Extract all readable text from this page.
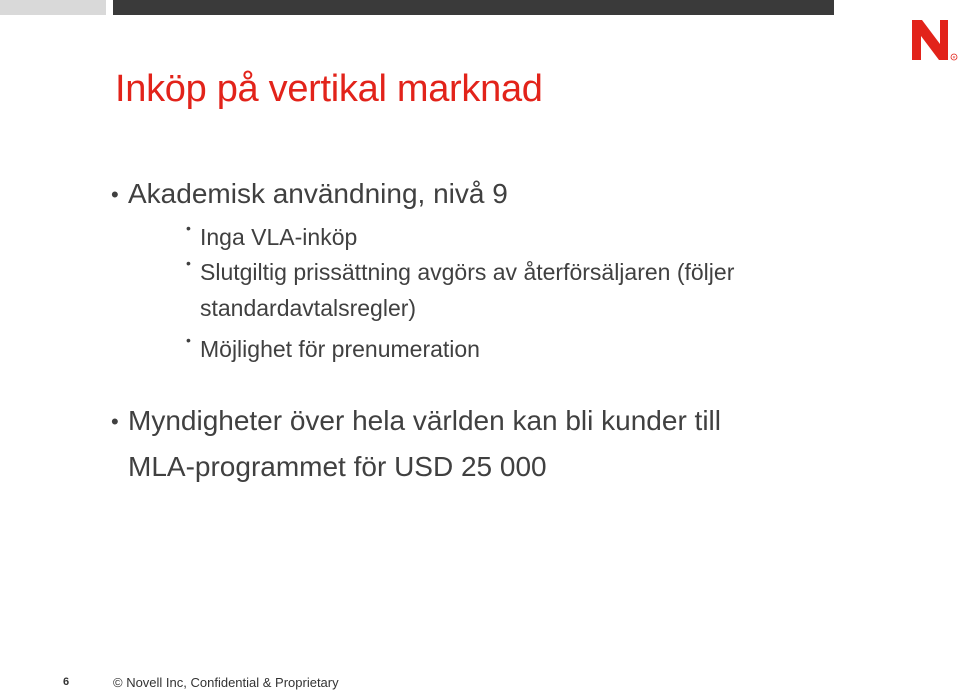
R
Inköp på vertikal marknad
• Akademisk användning, nivå 9
• Inga VLA-inköp
• Slutgiltig prissättning avgörs av återförsäljaren (följer
standardavtalsregler)
• Möjlighet för prenumeration
• Myndigheter över hela världen kan bli kunder till
MLA-programmet för USD 25 000
6	© Novell Inc, Confidential & Proprietary
